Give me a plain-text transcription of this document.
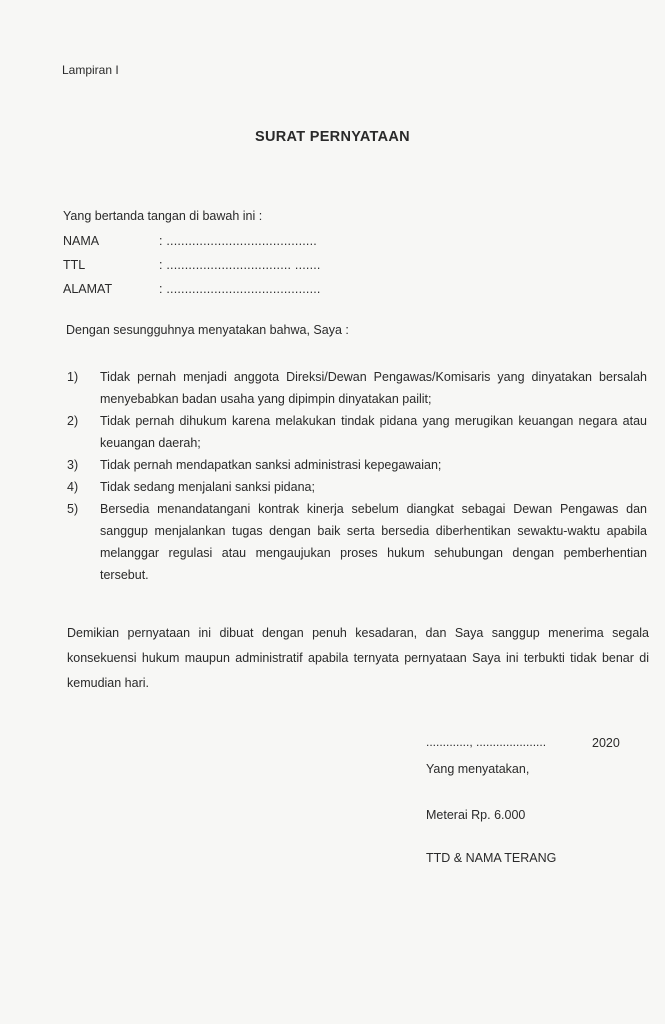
Lampiran I
SURAT PERNYATAAN
Yang bertanda tangan di bawah ini :
NAMA	: .........................................
TTL	: .................................. .......
ALAMAT	: ..........................................
Dengan sesungguhnya menyatakan bahwa, Saya :
1) Tidak pernah menjadi anggota Direksi/Dewan Pengawas/Komisaris yang dinyatakan bersalah menyebabkan badan usaha yang dipimpin dinyatakan pailit;
2) Tidak pernah dihukum karena melakukan tindak pidana yang merugikan keuangan negara atau keuangan daerah;
3) Tidak pernah mendapatkan sanksi administrasi kepegawaian;
4) Tidak sedang menjalani sanksi pidana;
5) Bersedia menandatangani kontrak kinerja sebelum diangkat sebagai Dewan Pengawas dan sanggup menjalankan tugas dengan baik serta bersedia diberhentikan sewaktu-waktu apabila melanggar regulasi atau mengaujukan proses hukum sehubungan dengan pemberhentian tersebut.
Demikian pernyataan ini dibuat dengan penuh kesadaran, dan Saya sanggup menerima segala konsekuensi hukum maupun administratif apabila ternyata pernyataan Saya ini terbukti tidak benar di kemudian hari.
............., .....................	2020
Yang menyatakan,
Meterai Rp. 6.000
TTD & NAMA TERANG
